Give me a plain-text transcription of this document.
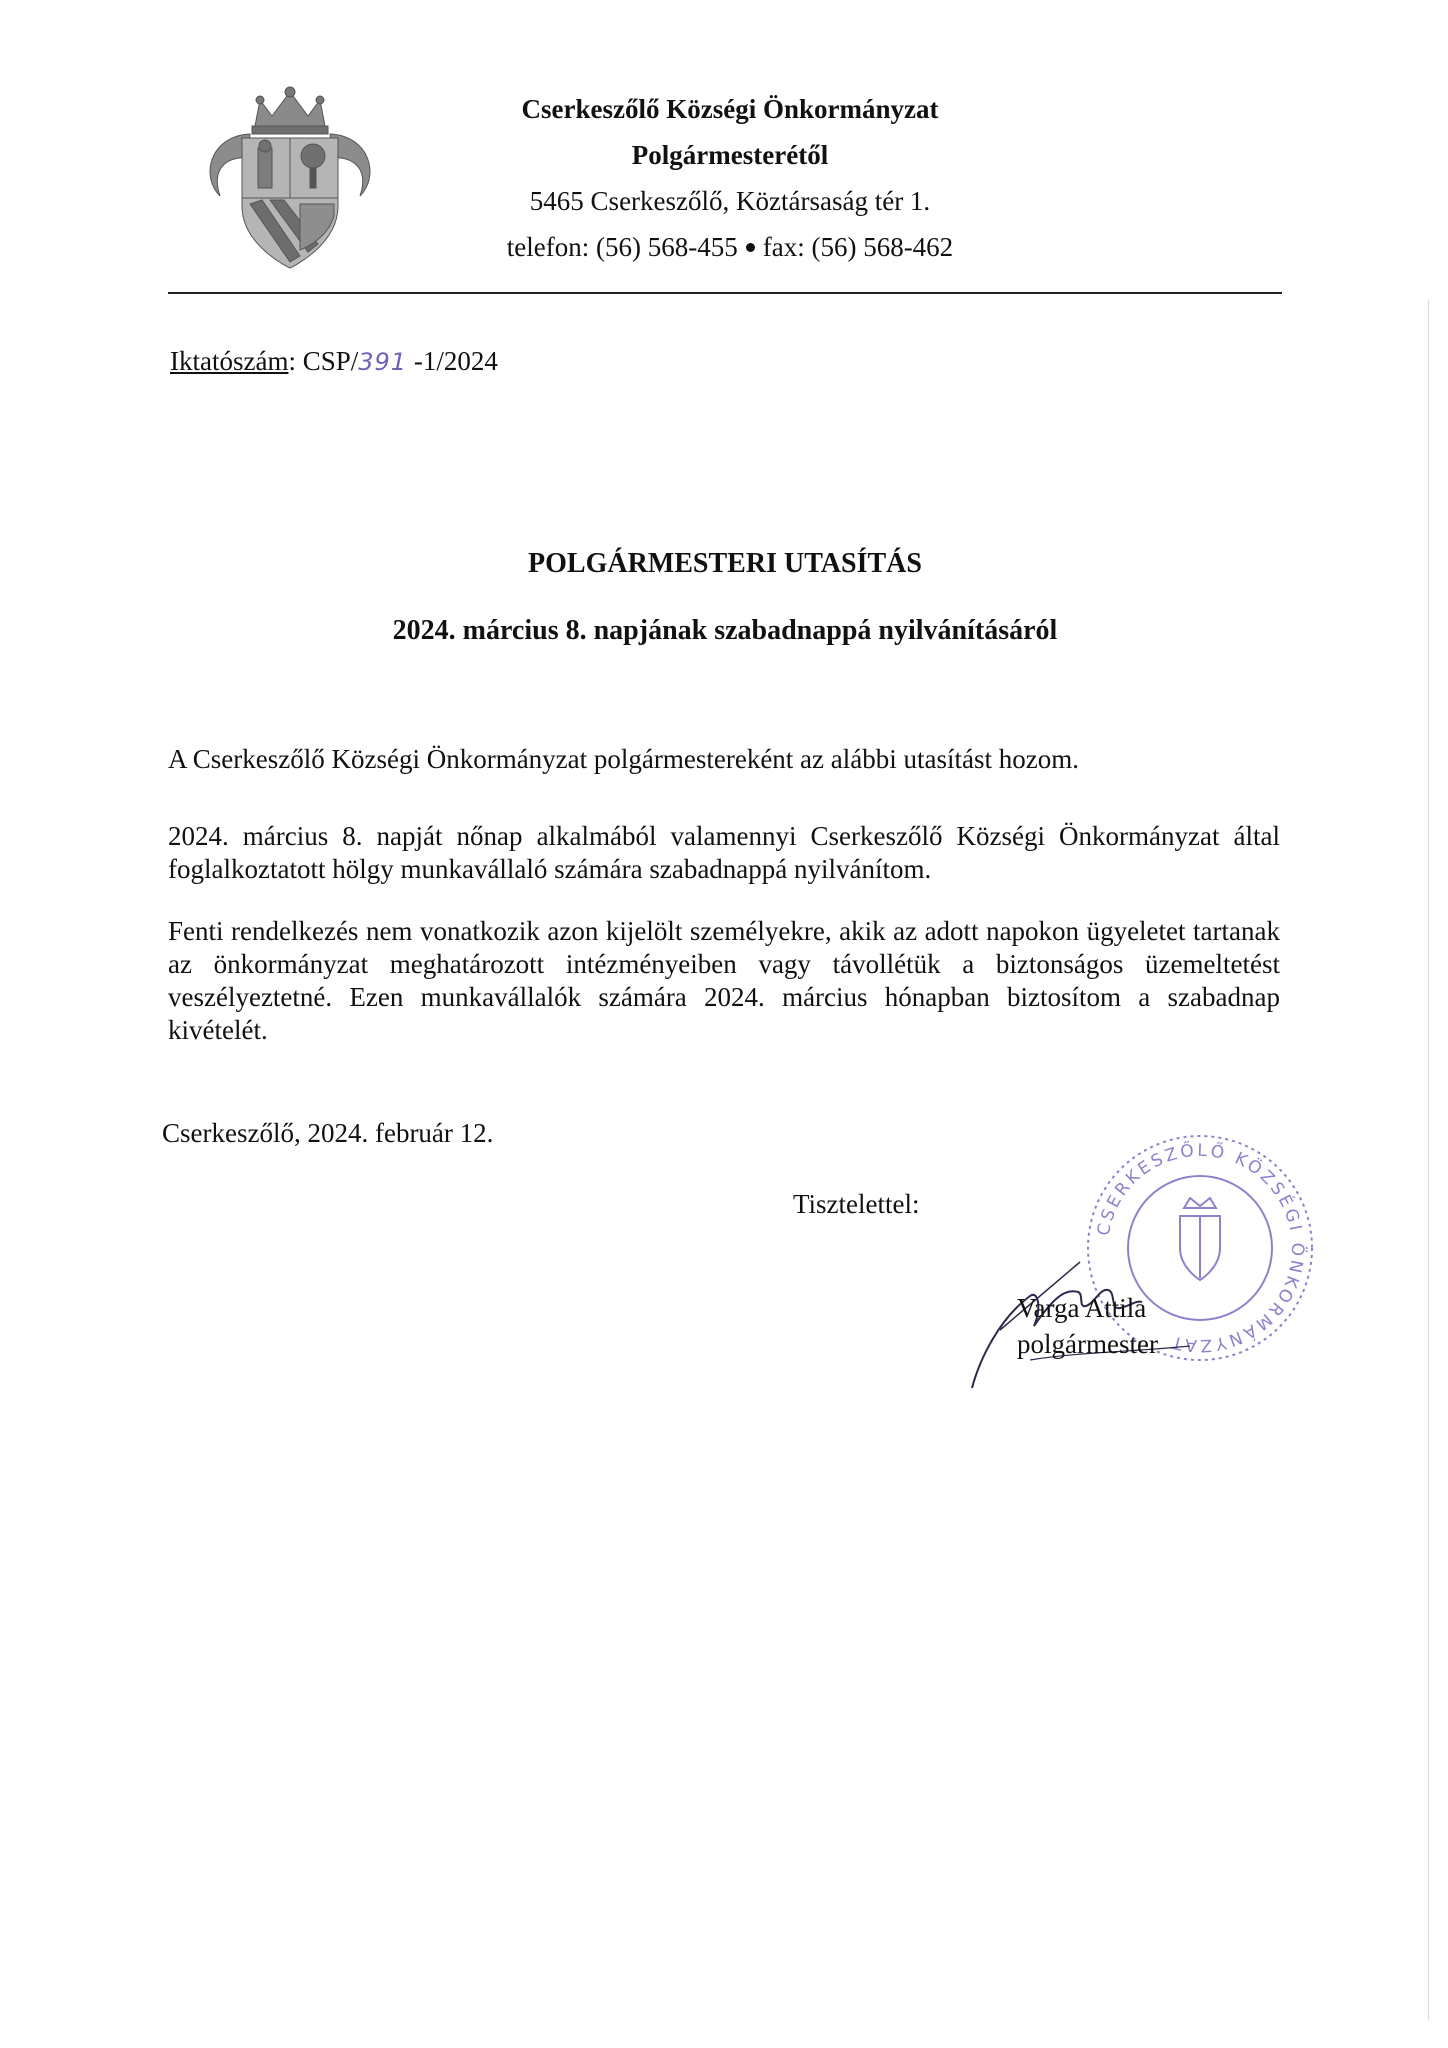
Cserkeszőlő Községi Önkormányzat
Polgármesterétől
5465 Cserkeszőlő, Köztársaság tér 1.
telefon: (56) 568-455 fax: (56) 568-462
Iktatószám: CSP/391 -1/2024
POLGÁRMESTERI UTASÍTÁS
2024. március 8. napjának szabadnappá nyilvánításáról
A Cserkeszőlő Községi Önkormányzat polgármestereként az alábbi utasítást hozom.
2024. március 8. napját nőnap alkalmából valamennyi Cserkeszőlő Községi Önkormányzat által foglalkoztatott hölgy munkavállaló számára szabadnappá nyilvánítom.
Fenti rendelkezés nem vonatkozik azon kijelölt személyekre, akik az adott napokon ügyeletet tartanak az önkormányzat meghatározott intézményeiben vagy távollétük a biztonságos üzemeltetést veszélyeztetné. Ezen munkavállalók számára 2024. március hónapban biztosítom a szabadnap kivételét.
Cserkeszőlő, 2024. február 12.
Tisztelettel:
CSERKESZŐLŐ KÖZSÉGI ÖNKORMÁNYZAT
Varga Attila
polgármester
